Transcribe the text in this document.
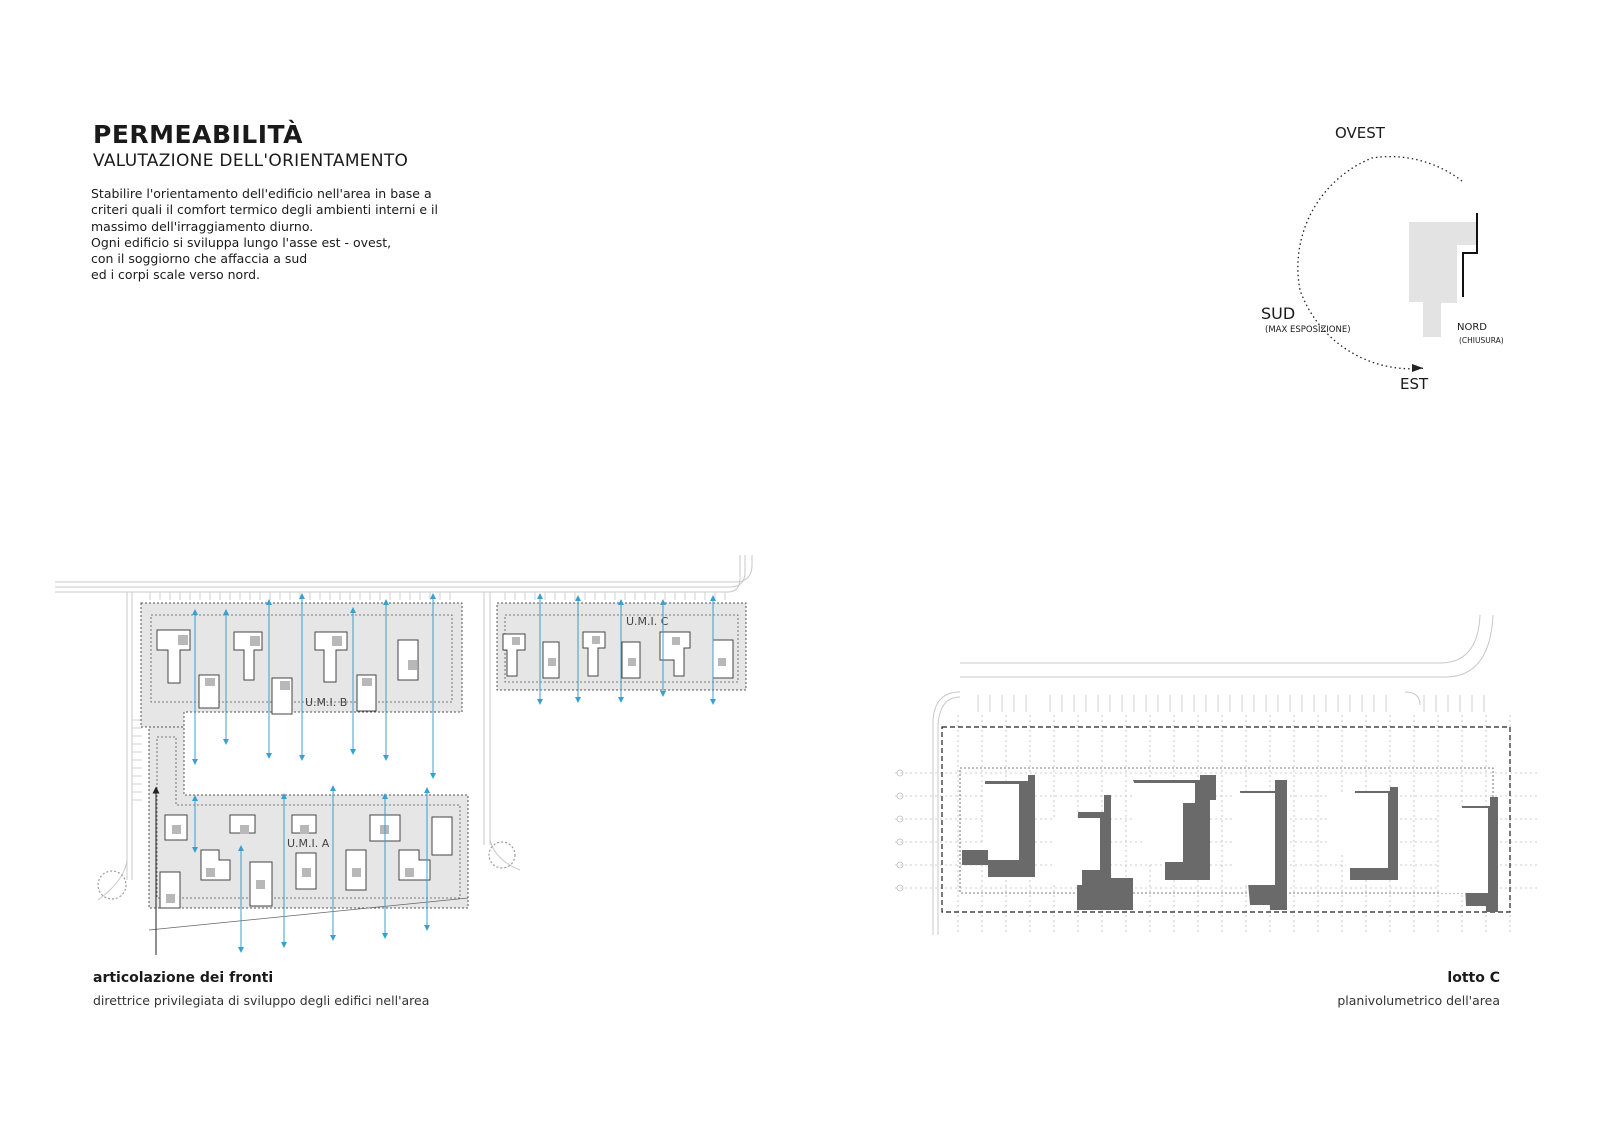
PERMEABILITÀ
VALUTAZIONE DELL'ORIENTAMENTO
Stabilire l'orientamento dell'edificio nell'area in base a
criteri quali il comfort termico degli ambienti interni e il
massimo dell'irraggiamento diurno.
Ogni edificio si sviluppa lungo l'asse est - ovest,
con il soggiorno che affaccia a sud
ed i corpi scale verso nord.
OVEST
SUD
(MAX ESPOSIZIONE)	NORD
(CHIUSURA)
EST
articolazione dei fronti
direttrice privilegiata di sviluppo degli edifici nell'area
lotto C
planivolumetrico dell'area
U.M.I. B
U.M.I. C
U.M.I. A
